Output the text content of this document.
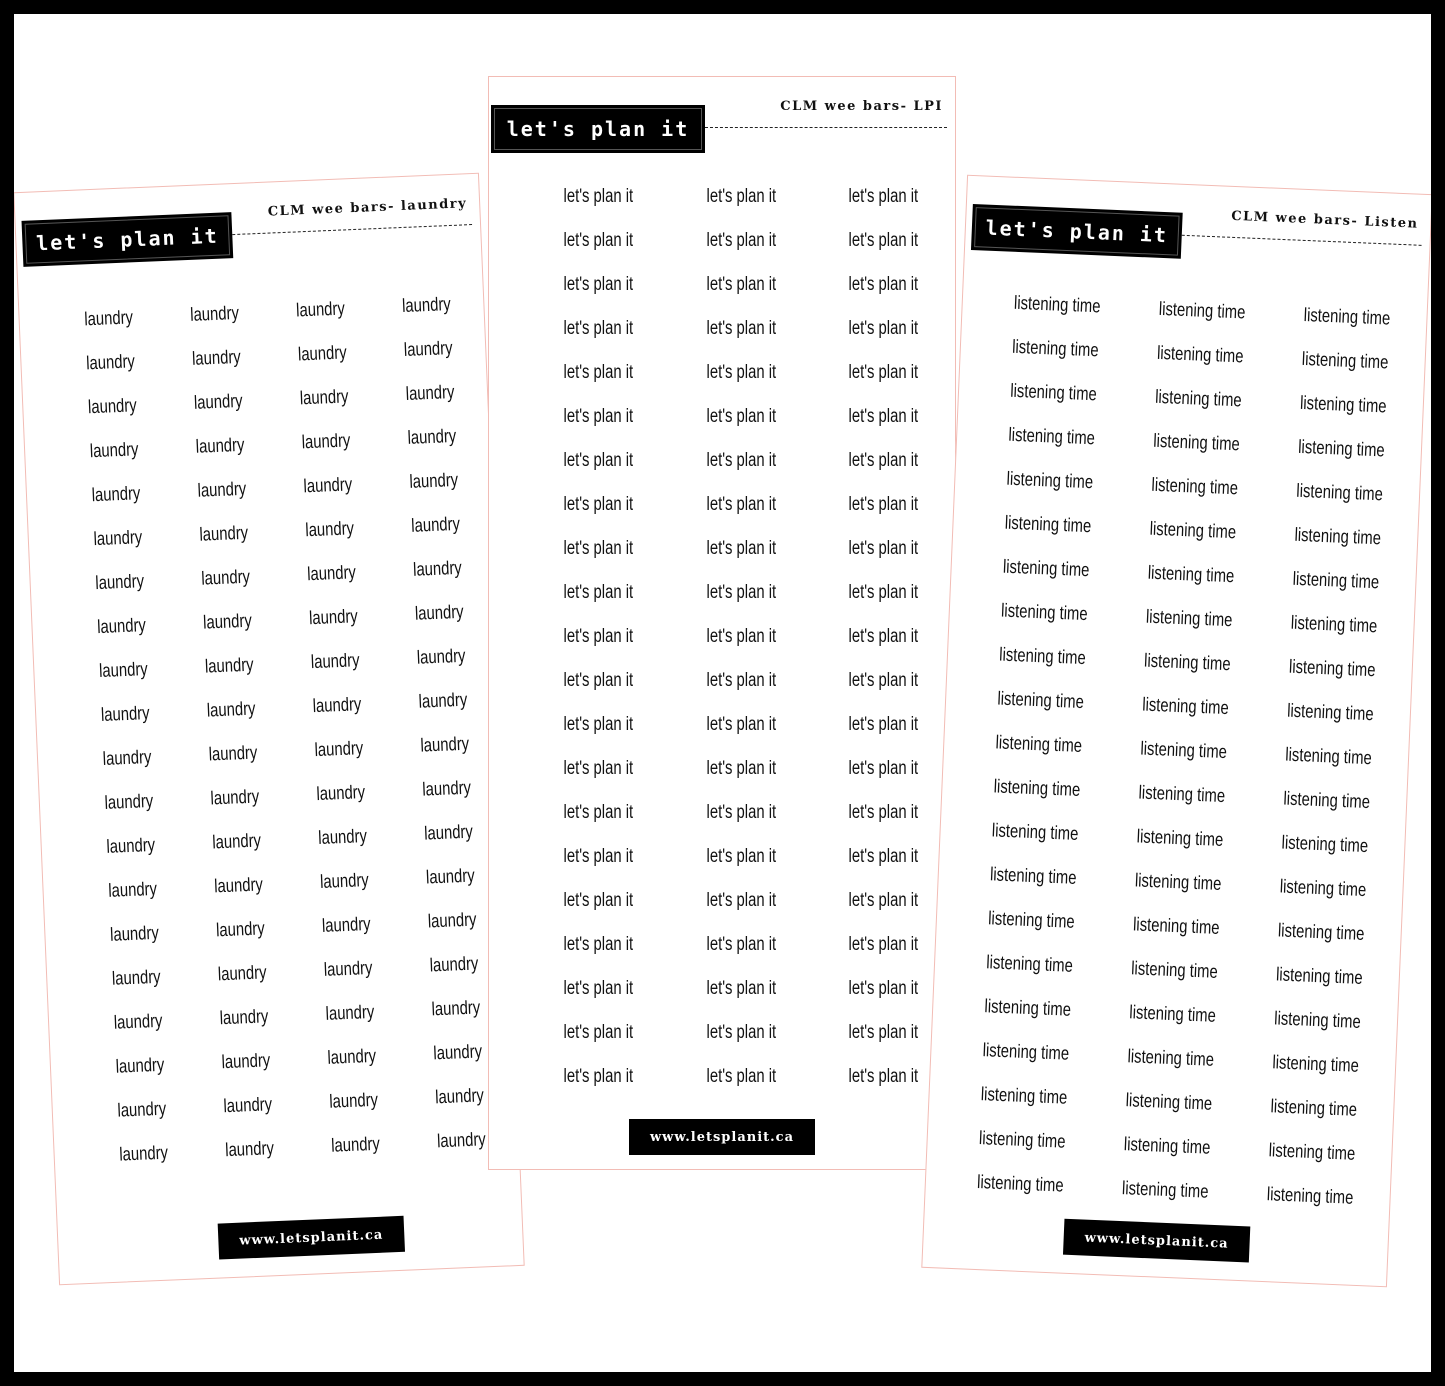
let's plan it
CLM wee bars- laundry
laundry	laundry	laundry	laundry
laundry	laundry	laundry	laundry
laundry	laundry	laundry	laundry
laundry	laundry	laundry	laundry
laundry	laundry	laundry	laundry
laundry	laundry	laundry	laundry
laundry	laundry	laundry	laundry
laundry	laundry	laundry	laundry
laundry	laundry	laundry	laundry
laundry	laundry	laundry	laundry
laundry	laundry	laundry	laundry
laundry	laundry	laundry	laundry
laundry	laundry	laundry	laundry
laundry	laundry	laundry	laundry
laundry	laundry	laundry	laundry
laundry	laundry	laundry	laundry
laundry	laundry	laundry	laundry
laundry	laundry	laundry	laundry
laundry	laundry	laundry	laundry
laundry	laundry	laundry	laundry
www.letsplanit.ca
let's plan it
CLM wee bars- LPI
let's plan it	let's plan it	let's plan it
let's plan it	let's plan it	let's plan it
let's plan it	let's plan it	let's plan it
let's plan it	let's plan it	let's plan it
let's plan it	let's plan it	let's plan it
let's plan it	let's plan it	let's plan it
let's plan it	let's plan it	let's plan it
let's plan it	let's plan it	let's plan it
let's plan it	let's plan it	let's plan it
let's plan it	let's plan it	let's plan it
let's plan it	let's plan it	let's plan it
let's plan it	let's plan it	let's plan it
let's plan it	let's plan it	let's plan it
let's plan it	let's plan it	let's plan it
let's plan it	let's plan it	let's plan it
let's plan it	let's plan it	let's plan it
let's plan it	let's plan it	let's plan it
let's plan it	let's plan it	let's plan it
let's plan it	let's plan it	let's plan it
let's plan it	let's plan it	let's plan it
let's plan it	let's plan it	let's plan it
www.letsplanit.ca
let's plan it	CLM wee bars- Listen
listening time	listening time	listening time
listening time	listening time	listening time
listening time	listening time	listening time
listening time	listening time	listening time
listening time	listening time	listening time
listening time	listening time	listening time
listening time	listening time	listening time
listening time	listening time	listening time
listening time	listening time	listening time
listening time	listening time	listening time
listening time	listening time	listening time
listening time	listening time	listening time
listening time	listening time	listening time
listening time	listening time	listening time
listening time	listening time	listening time
listening time	listening time	listening time
listening time	listening time	listening time
listening time	listening time	listening time
listening time	listening time	listening time
listening time	listening time	listening time
listening time	listening time	listening time
www.letsplanit.ca
